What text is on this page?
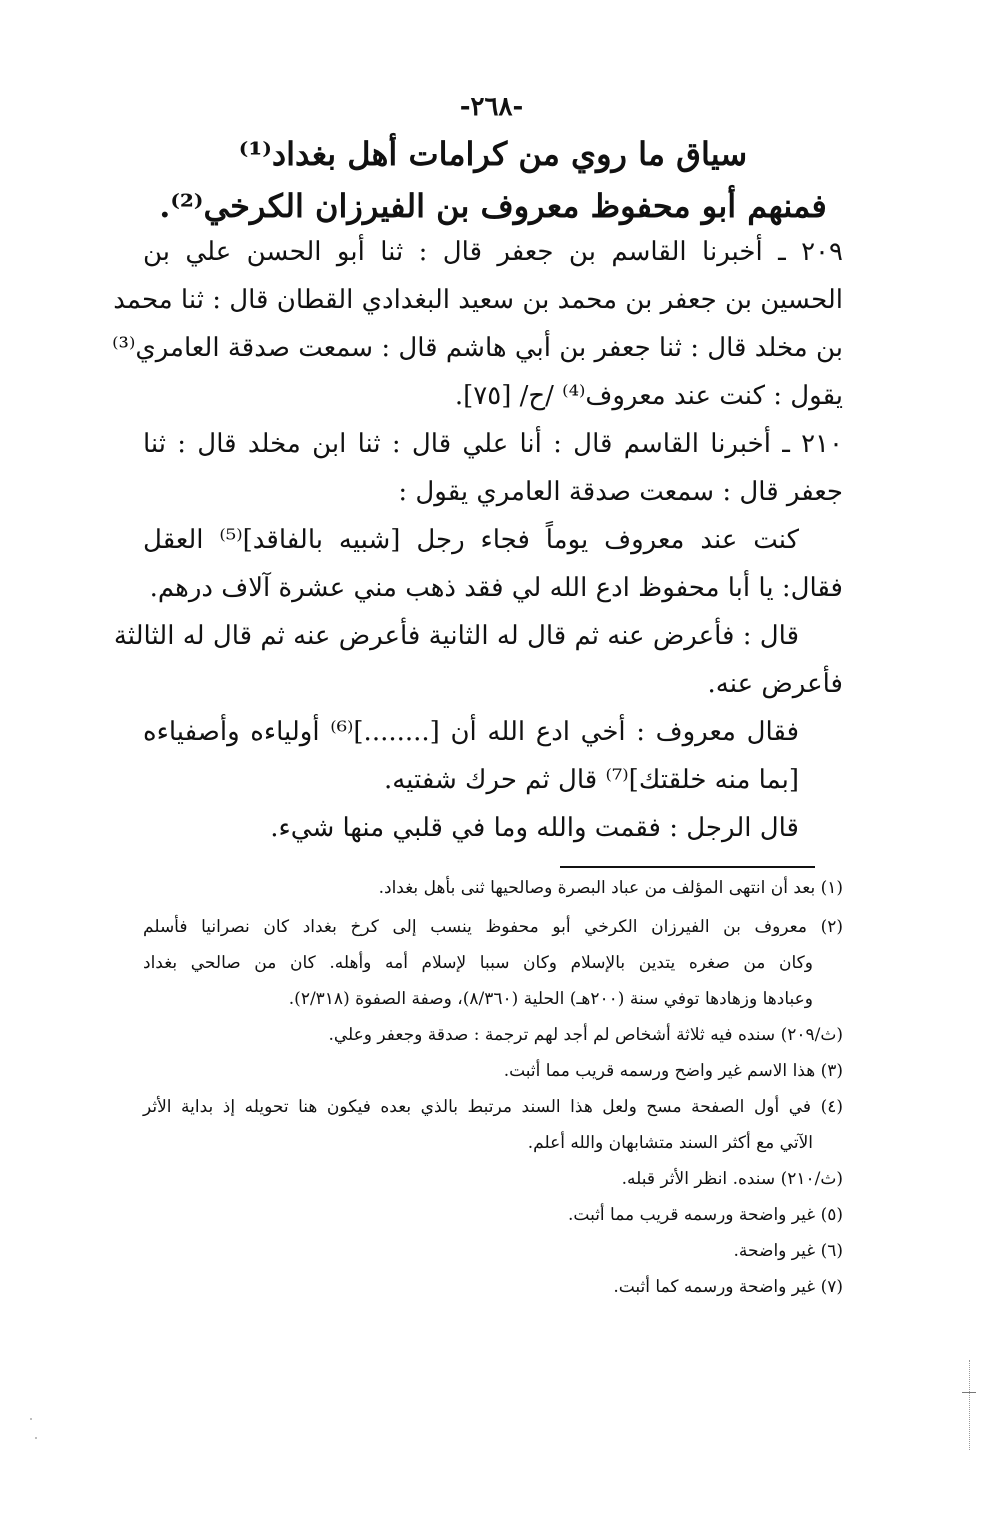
-٢٦٨-
سياق ما روي من كرامات أهل بغداد⁽¹⁾
فمنهم أبو محفوظ معروف بن الفيرزان الكرخي⁽²⁾.
٢٠٩ ـ أخبرنا القاسم بن جعفر قال : ثنا أبو الحسن علي بن
الحسين بن جعفر بن محمد بن سعيد البغدادي القطان قال : ثنا محمد
بن مخلد قال : ثنا جعفر بن أبي هاشم قال : سمعت صدقة العامري⁽³⁾
يقول : كنت عند معروف⁽⁴⁾ /ح/ [٧٥].
٢١٠ ـ أخبرنا القاسم قال : أنا علي قال : ثنا ابن مخلد قال : ثنا
جعفر قال : سمعت صدقة العامري يقول :
كنت عند معروف يوماً فجاء رجل [شبيه بالفاقد]⁽⁵⁾ العقل
فقال: يا أبا محفوظ ادع الله لي فقد ذهب مني عشرة آلاف درهم.
قال : فأعرض عنه ثم قال له الثانية فأعرض عنه ثم قال له الثالثة
فأعرض عنه.
فقال معروف : أخي ادع الله أن [........]⁽⁶⁾ أولياءه وأصفياءه
[بما منه خلقتك]⁽⁷⁾ قال ثم حرك شفتيه.
قال الرجل : فقمت والله وما في قلبي منها شيء.
(١) بعد أن انتهى المؤلف من عباد البصرة وصالحيها ثنى بأهل بغداد.
(٢) معروف بن الفيرزان الكرخي أبو محفوظ ينسب إلى كرخ بغداد كان نصرانيا فأسلم
وكان من صغره يتدين بالإسلام وكان سببا لإسلام أمه وأهله. كان من صالحي بغداد
وعبادها وزهادها توفي سنة (٢٠٠هـ) الحلية (٨/٣٦٠)، وصفة الصفوة (٢/٣١٨).
(ث/٢٠٩) سنده فيه ثلاثة أشخاص لم أجد لهم ترجمة : صدقة وجعفر وعلي.
(٣) هذا الاسم غير واضح ورسمه قريب مما أثبت.
(٤) في أول الصفحة مسح ولعل هذا السند مرتبط بالذي بعده فيكون هنا تحويله إذ بداية الأثر
الآتي مع أكثر السند متشابهان والله أعلم.
(ث/٢١٠) سنده. انظر الأثر قبله.
(٥) غير واضحة ورسمه قريب مما أثبت.
(٦) غير واضحة.
(٧) غير واضحة ورسمه كما أثبت.
